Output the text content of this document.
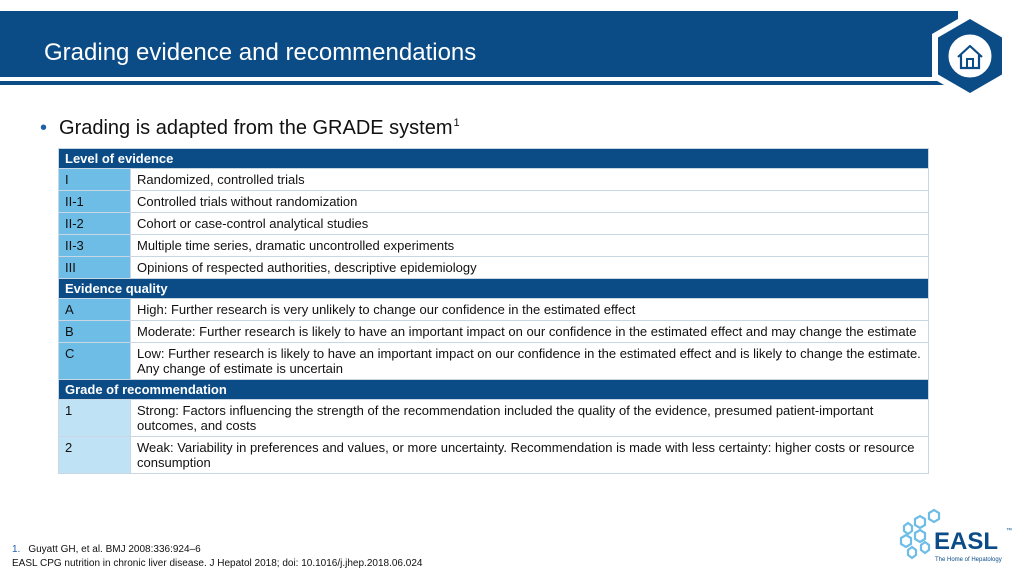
Grading evidence and recommendations
• Grading is adapted from the GRADE system$^1$
Level of evidence	
I	Randomized, controlled trials
II-1	Controlled trials without randomization
II-2	Cohort or case-control analytical studies
II-3	Multiple time series, dramatic uncontrolled experiments
III	Opinions of respected authorities, descriptive epidemiology
Evidence quality	
A	High: Further research is very unlikely to change our confidence in the estimated effect
B	Moderate: Further research is likely to have an important impact on our confidence in the estimated effect and may change the estimate
C	Low: Further research is likely to have an important impact on our confidence in the estimated effect and is likely to change the estimate. Any change of estimate is uncertain
Grade of recommendation	
1	Strong: Factors influencing the strength of the recommendation included the quality of the evidence, presumed patient-important outcomes, and costs
2	Weak: Variability in preferences and values, or more uncertainty. Recommendation is made with less certainty: higher costs or resource consumption
1. Guyatt GH, et al. BMJ 2008:336:924–6
EASL CPG nutrition in chronic liver disease. J Hepatol 2018; doi: 10.1016/j.jhep.2018.06.024
EASL ™
The Home of Hepatology
